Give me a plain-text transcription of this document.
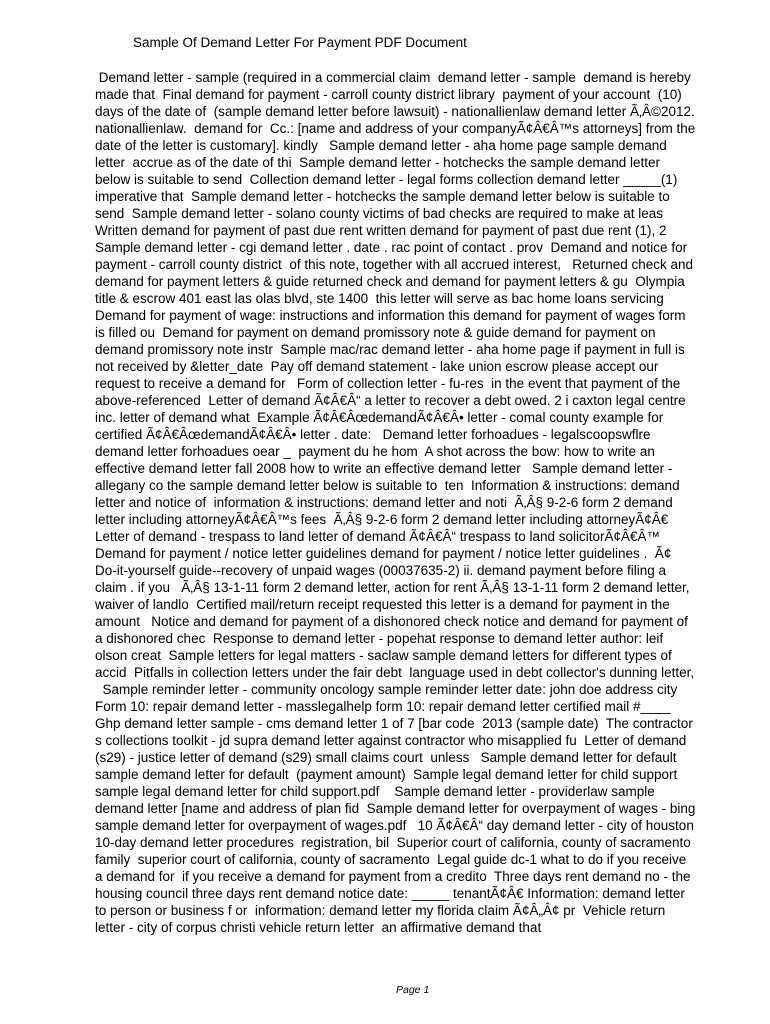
Sample Of Demand Letter For Payment PDF Document
Demand letter - sample (required in a commercial claim  demand letter - sample  demand is hereby
made that  Final demand for payment - carroll county district library  payment of your account  (10)
days of the date of  (sample demand letter before lawsuit) - nationallienlaw demand letter Ã‚Â©2012.
nationallienlaw.  demand for  Cc.: [name and address of your companyÃ¢Â€Â™s attorneys] from the
date of the letter is customary]. kindly   Sample demand letter - aha home page sample demand
letter  accrue as of the date of thi  Sample demand letter - hotchecks the sample demand letter
below is suitable to send  Collection demand letter - legal forms collection demand letter _____(1)
imperative that  Sample demand letter - hotchecks the sample demand letter below is suitable to
send  Sample demand letter - solano county victims of bad checks are required to make at leas
Written demand for payment of past due rent written demand for payment of past due rent (1), 2
Sample demand letter - cgi demand letter . date . rac point of contact . prov  Demand and notice for
payment - carroll county district  of this note, together with all accrued interest,   Returned check and
demand for payment letters & guide returned check and demand for payment letters & gu  Olympia
title & escrow 401 east las olas blvd, ste 1400  this letter will serve as bac home loans servicing
Demand for payment of wage: instructions and information this demand for payment of wages form
is filled ou  Demand for payment on demand promissory note & guide demand for payment on
demand promissory note instr  Sample mac/rac demand letter - aha home page if payment in full is
not received by &letter_date  Pay off demand statement - lake union escrow please accept our
request to receive a demand for   Form of collection letter - fu-res  in the event that payment of the
above-referenced  Letter of demand Ã¢Â€Â“ a letter to recover a debt owed. 2 i caxton legal centre
inc. letter of demand what  Example Ã¢Â€ÂœdemandÃ¢Â€Â• letter - comal county example for
certified Ã¢Â€ÂœdemandÃ¢Â€Â• letter . date:   Demand letter forhoadues - legalscoopswflre
demand letter forhoadues oear _  payment du he hom  A shot across the bow: how to write an
effective demand letter fall 2008 how to write an effective demand letter   Sample demand letter -
allegany co the sample demand letter below is suitable to  ten  Information & instructions: demand
letter and notice of  information & instructions: demand letter and noti  Ã‚Â§ 9-2-6 form 2 demand
letter including attorneyÃ¢Â€Â™s fees  Ã‚Â§ 9-2-6 form 2 demand letter including attorneyÃ¢Â€
Letter of demand - trespass to land letter of demand Ã¢Â€Â“ trespass to land solicitorÃ¢Â€Â™
Demand for payment / notice letter guidelines demand for payment / notice letter guidelines .  Ã¢
Do-it-yourself guide--recovery of unpaid wages (00037635-2) ii. demand payment before filing a
claim . if you   Ã‚Â§ 13-1-11 form 2 demand letter, action for rent Ã‚Â§ 13-1-11 form 2 demand letter,
waiver of landlo  Certified mail/return receipt requested this letter is a demand for payment in the
amount   Notice and demand for payment of a dishonored check notice and demand for payment of
a dishonored chec  Response to demand letter - popehat response to demand letter author: leif
olson creat  Sample letters for legal matters - saclaw sample demand letters for different types of
accid  Pitfalls in collection letters under the fair debt  language used in debt collector's dunning letter,
Sample reminder letter - community oncology sample reminder letter date: john doe address city
Form 10: repair demand letter - masslegalhelp form 10: repair demand letter certified mail #____
Ghp demand letter sample - cms demand letter 1 of 7 [bar code  2013 (sample date)  The contractor
s collections toolkit - jd supra demand letter against contractor who misapplied fu  Letter of demand
(s29) - justice letter of demand (s29) small claims court  unless   Sample demand letter for default
sample demand letter for default  (payment amount)  Sample legal demand letter for child support
sample legal demand letter for child support.pdf    Sample demand letter - providerlaw sample
demand letter [name and address of plan fid  Sample demand letter for overpayment of wages - bing
sample demand letter for overpayment of wages.pdf   10 Ã¢Â€Â“ day demand letter - city of houston
10-day demand letter procedures  registration, bil  Superior court of california, county of sacramento
family  superior court of california, county of sacramento  Legal guide dc-1 what to do if you receive
a demand for  if you receive a demand for payment from a credito  Three days rent demand no - the
housing council three days rent demand notice date: _____ tenantÃ¢Â€ Information: demand letter
to person or business f or  information: demand letter my florida claim Ã¢Â„Â¢ pr  Vehicle return
letter - city of corpus christi vehicle return letter  an affirmative demand that
Page 1
